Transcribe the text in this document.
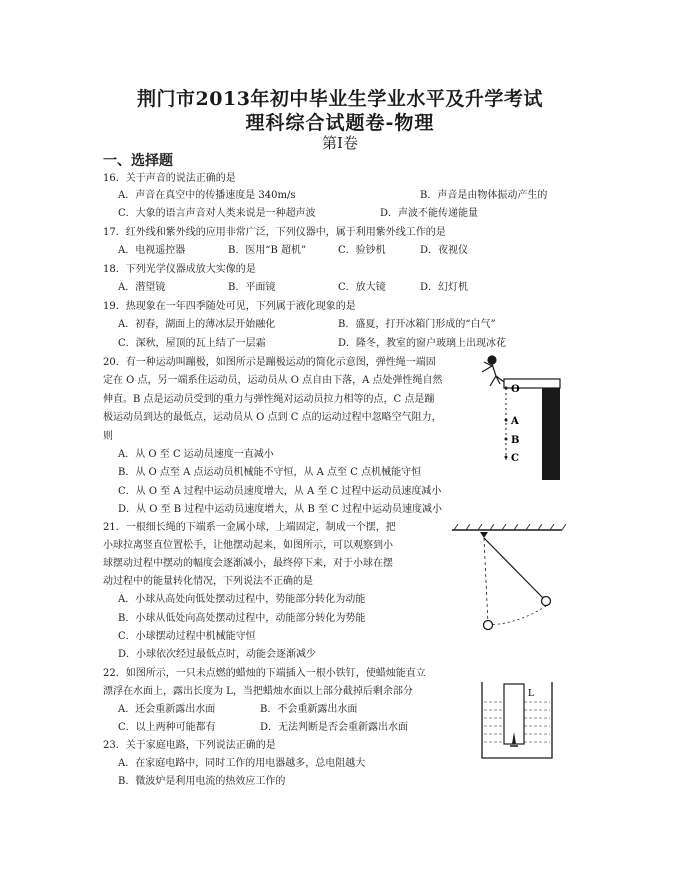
荆门市2013年初中毕业生学业水平及升学考试
理科综合试题卷-物理
第Ⅰ卷
一、选择题
16．关于声音的说法正确的是
A．声音在真空中的传播速度是 340m/s	B．声音是由物体振动产生的
C．大象的语言声音对人类来说是一种超声波	D．声波不能传递能量
17．红外线和紫外线的应用非常广泛，下列仪器中，属于利用紫外线工作的是
A．电视遥控器	B．医用“B 超机”	C．验钞机	D．夜视仪
18．下列光学仪器成放大实像的是
A．潜望镜	B．平面镜	C．放大镜	D．幻灯机
19．热现象在一年四季随处可见，下列属于液化现象的是
A．初春，湖面上的薄冰层开始融化	B．盛夏，打开冰箱门形成的“白气”
C．深秋，屋顶的瓦上结了一层霜	D．隆冬，教室的窗户玻璃上出现冰花
20．有一种运动叫蹦极，如图所示是蹦极运动的简化示意图，弹性绳一端固
定在 O 点，另一端系住运动员，运动员从 O 点自由下落，A 点处弹性绳自然
伸直。B 点是运动员受到的重力与弹性绳对运动员拉力相等的点，C 点是蹦
极运动员到达的最低点，运动员从 O 点到 C 点的运动过程中忽略空气阻力，
则
A．从 O 至 C 运动员速度一直减小
B．从 O 点至 A 点运动员机械能不守恒，从 A 点至 C 点机械能守恒
C．从 O 至 A 过程中运动员速度增大，从 A 至 C 过程中运动员速度减小
D．从 O 至 B 过程中运动员速度增大，从 B 至 C 过程中运动员速度减小
21．一根细长绳的下端系一金属小球，上端固定，制成一个摆，把
小球拉离竖直位置松手，让他摆动起来，如图所示，可以观察到小
球摆动过程中摆动的幅度会逐渐减小，最终停下来，对于小球在摆
动过程中的能量转化情况，下列说法不正确的是
A．小球从高处向低处摆动过程中，势能部分转化为动能
B．小球从低处向高处摆动过程中，动能部分转化为势能
C．小球摆动过程中机械能守恒
D．小球依次经过最低点时，动能会逐渐减少
22．如图所示，一只未点燃的蜡烛的下端插入一根小铁钉，使蜡烛能直立
漂浮在水面上，露出长度为 L，当把蜡烛水面以上部分截掉后剩余部分
A．还会重新露出水面	B．不会重新露出水面
C．以上两种可能都有	D．无法判断是否会重新露出水面
23．关于家庭电路，下列说法正确的是
A．在家庭电路中，同时工作的用电器越多，总电阻越大
B．微波炉是利用电流的热效应工作的
O
A
B
C
L
